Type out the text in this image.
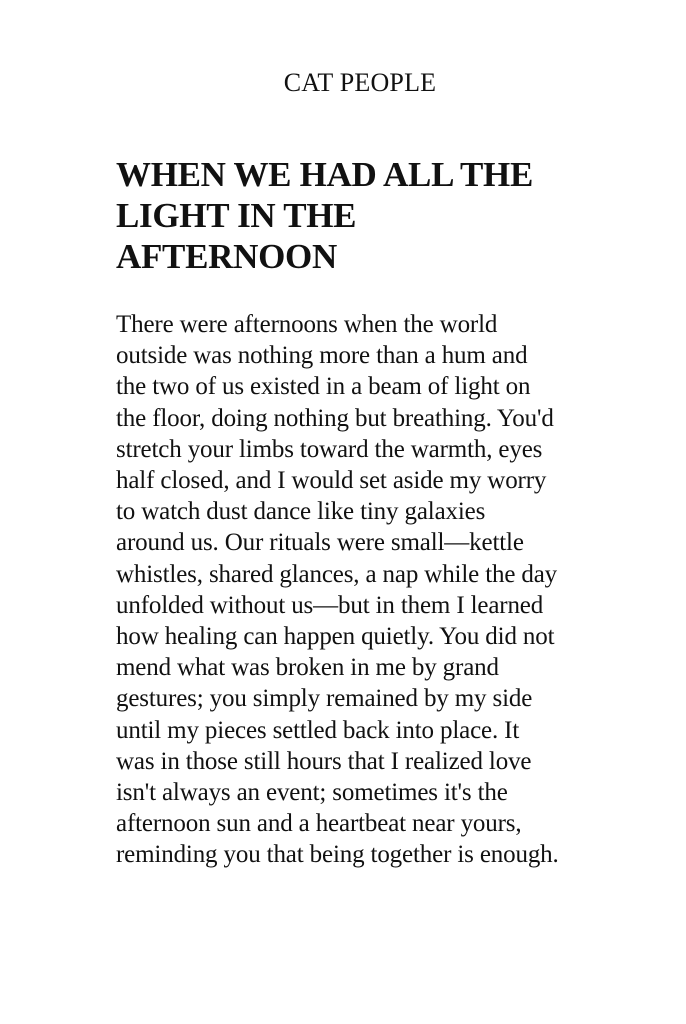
CAT PEOPLE
WHEN WE HAD ALL THE
LIGHT IN THE
AFTERNOON
There were afternoons when the world
outside was nothing more than a hum and
the two of us existed in a beam of light on
the floor, doing nothing but breathing. You'd
stretch your limbs toward the warmth, eyes
half closed, and I would set aside my worry
to watch dust dance like tiny galaxies
around us. Our rituals were small—kettle
whistles, shared glances, a nap while the day
unfolded without us—but in them I learned
how healing can happen quietly. You did not
mend what was broken in me by grand
gestures; you simply remained by my side
until my pieces settled back into place. It
was in those still hours that I realized love
isn't always an event; sometimes it's the
afternoon sun and a heartbeat near yours,
reminding you that being together is enough.
